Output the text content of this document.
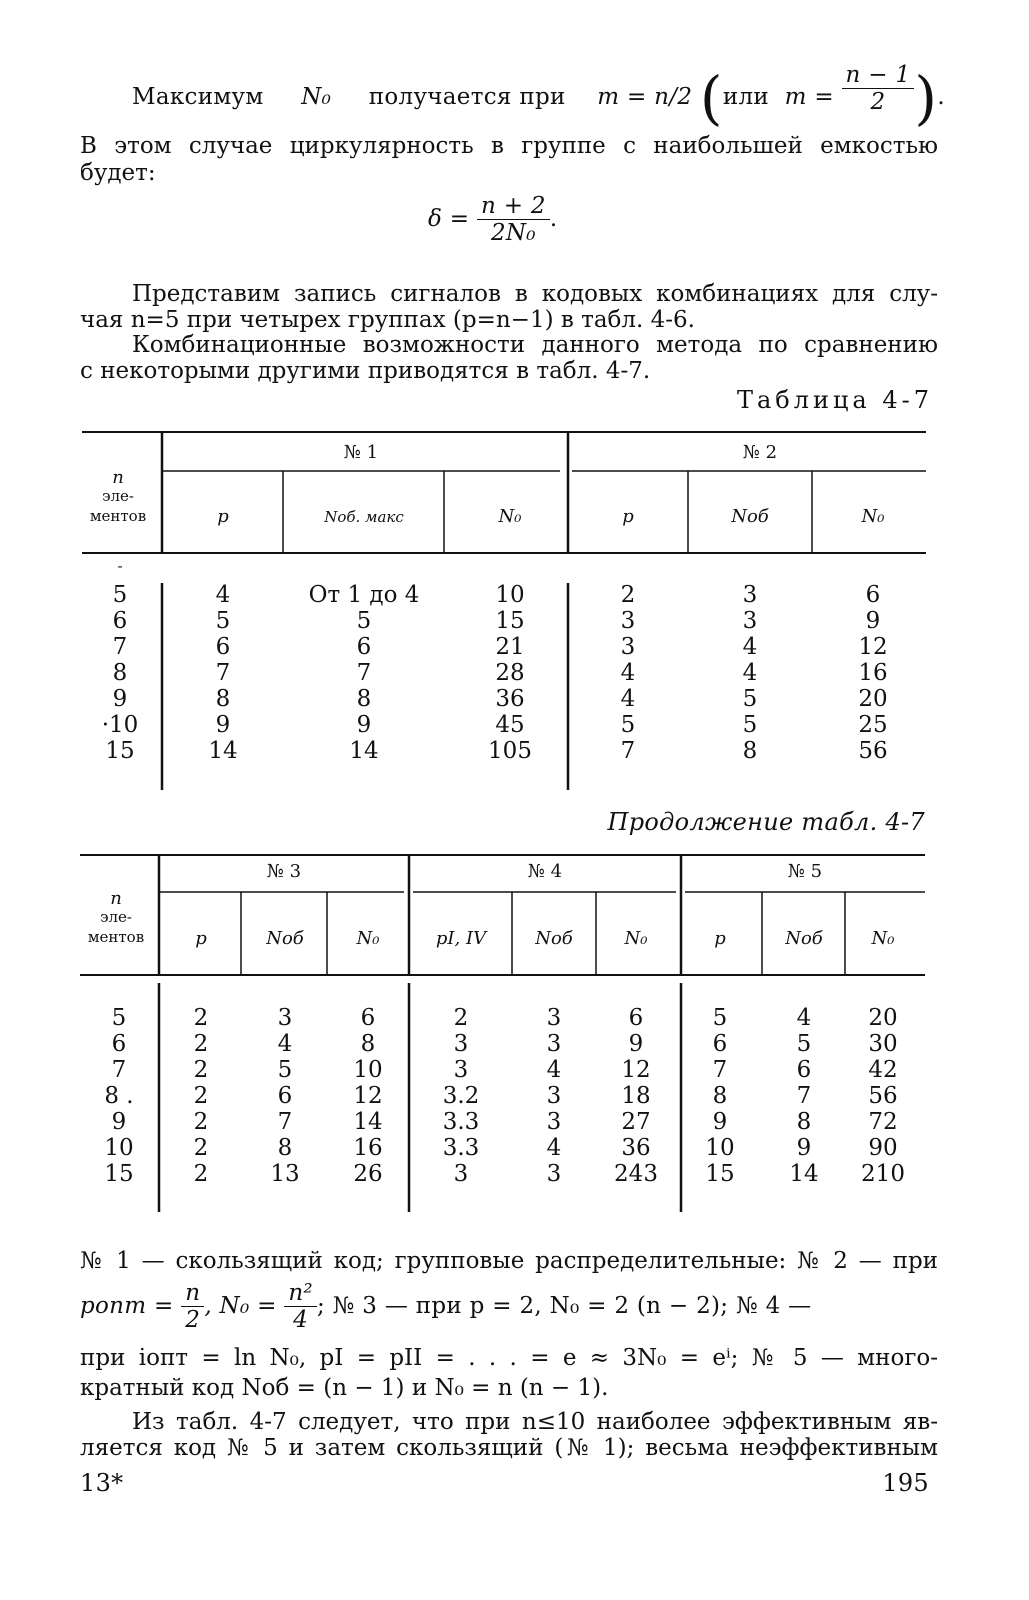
Максимум N₀ получается при m = n/2 (или $m = \frac{n - 1}{2}$ ).
В этом случае циркулярность в группе с наибольшей емкостью
будет:
$\delta = \frac{n + 2}{\text{2N₀}}$ .
Представим запись сигналов в кодовых комбинациях для слу-
чая n=5 при четырех группах (p=n−1) в табл. 4-6.
Комбинационные возможности данного метода по сравнению
с некоторыми другими приводятся в табл. 4-7.
Таблица 4-7
n
эле-
ментов
№ 1	№ 2
p	Nоб. макс	N₀	p	Nоб	N₀
-
5	4	От 1 до 4	10	2	3	6
6	5	5	15	3	3	9
7	6	6	21	3	4	12
8	7	7	28	4	4	16
9	8	8	36	4	5	20
·10	9	9	45	5	5	25
15	14	14	105	7	8	56
Продолжение табл. 4-7
n
эле-
ментов
№ 3	№ 4	№ 5
p	Nоб	N₀	pI, IV	Nоб	N₀	p	Nоб	N₀
5	2	3	6	2	3	6	5	4 20
6	2	4	8	3	3	9	6	5 30
7	2	5	10	3	4	12	7	6 42
8 .	2	6	12	3.2	3	18	8	7 56
9	2	7	14	3.3	3	27	9	8 72
10	2	8	16	3.3	4	36 10	9 90
15	2	13 26	3	3 243 15 14 210
№ 1 — скользящий код; групповые распределительные: № 2 — при
pопт = $\frac{n}{2}$ , $N_0 = \frac{\text{n²}}{4}$ ; № 3 — при p = 2, N₀ = 2 (n − 2); № 4 —
при iопт = ln N₀, pI = pII = . . . = e ≈ 3N₀ = eⁱ; № 5 — много-
кратный код Nоб = (n − 1) и N₀ = n (n − 1).
Из табл. 4-7 следует, что при n≤10 наиболее эффективным яв-
ляется код № 5 и затем скользящий (№ 1); весьма неэффективным
13*	195
